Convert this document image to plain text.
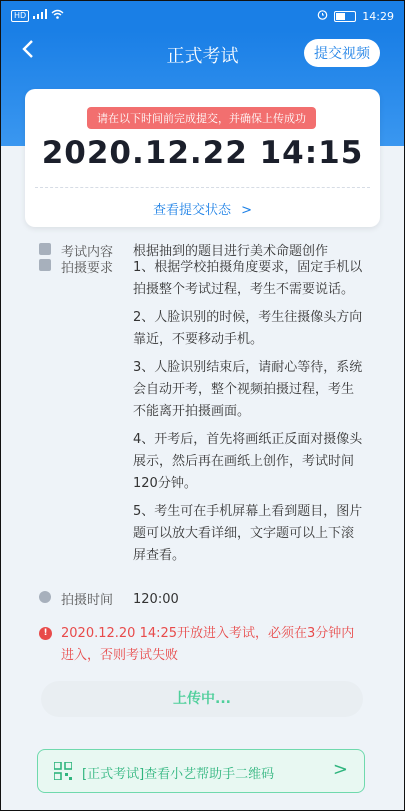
HD	14:29
正式考试	提交视频
请在以下时间前完成提交，并确保上传成功
2020.12.22 14:15
查看提交状态 >
考试内容 根据抽到的题目进行美术命题创作
拍摄要求 1、根据学校拍摄角度要求，固定手机以拍摄整个考试过程，考生不需要说话。
2、人脸识别的时候，考生往摄像头方向靠近，不要移动手机。
3、人脸识别结束后，请耐心等待，系统会自动开考，整个视频拍摄过程，考生不能离开拍摄画面。
4、开考后，首先将画纸正反面对摄像头展示，然后再在画纸上创作，考试时间120分钟。
5、考生可在手机屏幕上看到题目，图片题可以放大看详细，文字题可以上下滚屏查看。
拍摄时间 120:00
!	2020.12.20 14:25开放进入考试，必须在3分钟内进入，否则考试失败
上传中...
[正式考试]查看小艺帮助手二维码	>
